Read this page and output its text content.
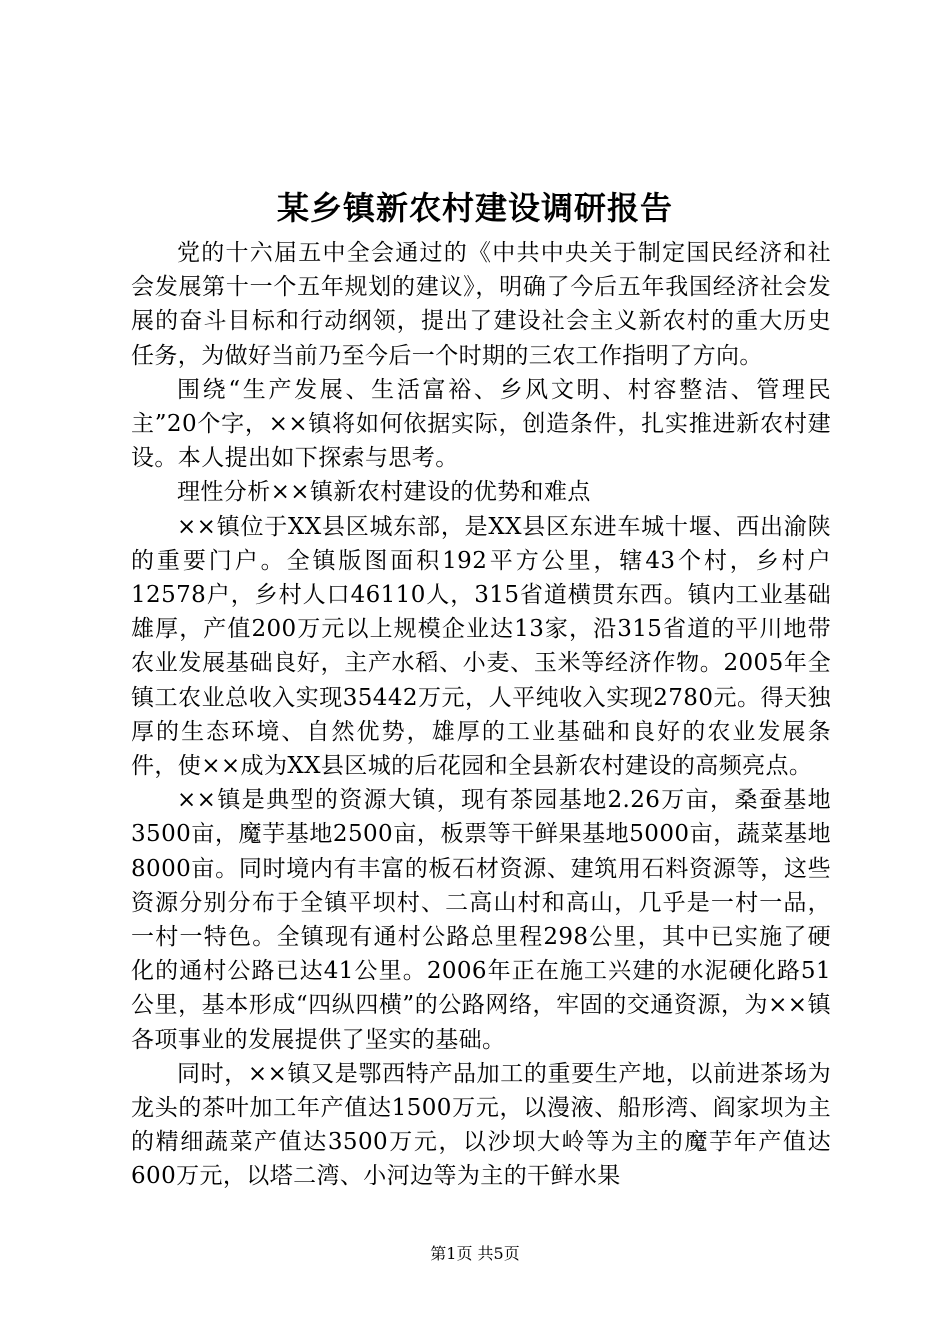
某乡镇新农村建设调研报告

党的十六届五中全会通过的《中共中央关于制定国民经济和社会发展第十一个五年规划的建议》，明确了今后五年我国经济社会发展的奋斗目标和行动纲领，提出了建设社会主义新农村的重大历史任务，为做好当前乃至今后一个时期的三农工作指明了方向。

围绕“生产发展、生活富裕、乡风文明、村容整洁、管理民主”20个字，××镇将如何依据实际，创造条件，扎实推进新农村建设。本人提出如下探索与思考。

理性分析××镇新农村建设的优势和难点

××镇位于XX县区城东部，是XX县区东进车城十堰、西出渝陕的重要门户。全镇版图面积192平方公里，辖43个村，乡村户12578户，乡村人口46110人，315省道横贯东西。镇内工业基础雄厚，产值200万元以上规模企业达13家，沿315省道的平川地带农业发展基础良好，主产水稻、小麦、玉米等经济作物。2005年全镇工农业总收入实现35442万元，人平纯收入实现2780元。得天独厚的生态环境、自然优势，雄厚的工业基础和良好的农业发展条件，使××成为XX县区城的后花园和全县新农村建设的高频亮点。

××镇是典型的资源大镇，现有茶园基地2.26万亩，桑蚕基地3500亩，魔芋基地2500亩，板票等干鲜果基地5000亩，蔬菜基地8000亩。同时境内有丰富的板石材资源、建筑用石料资源等，这些资源分别分布于全镇平坝村、二高山村和高山，几乎是一村一品，一村一特色。全镇现有通村公路总里程298公里，其中已实施了硬化的通村公路已达41公里。2006年正在施工兴建的水泥硬化路51公里，基本形成“四纵四横”的公路网络，牢固的交通资源，为××镇各项事业的发展提供了坚实的基础。

同时，××镇又是鄂西特产品加工的重要生产地，以前进茶场为龙头的茶叶加工年产值达1500万元，以漫液、船形湾、阎家坝为主的精细蔬菜产值达3500万元，以沙坝大岭等为主的魔芋年产值达600万元，以塔二湾、小河边等为主的干鲜水果

第1页 共5页
